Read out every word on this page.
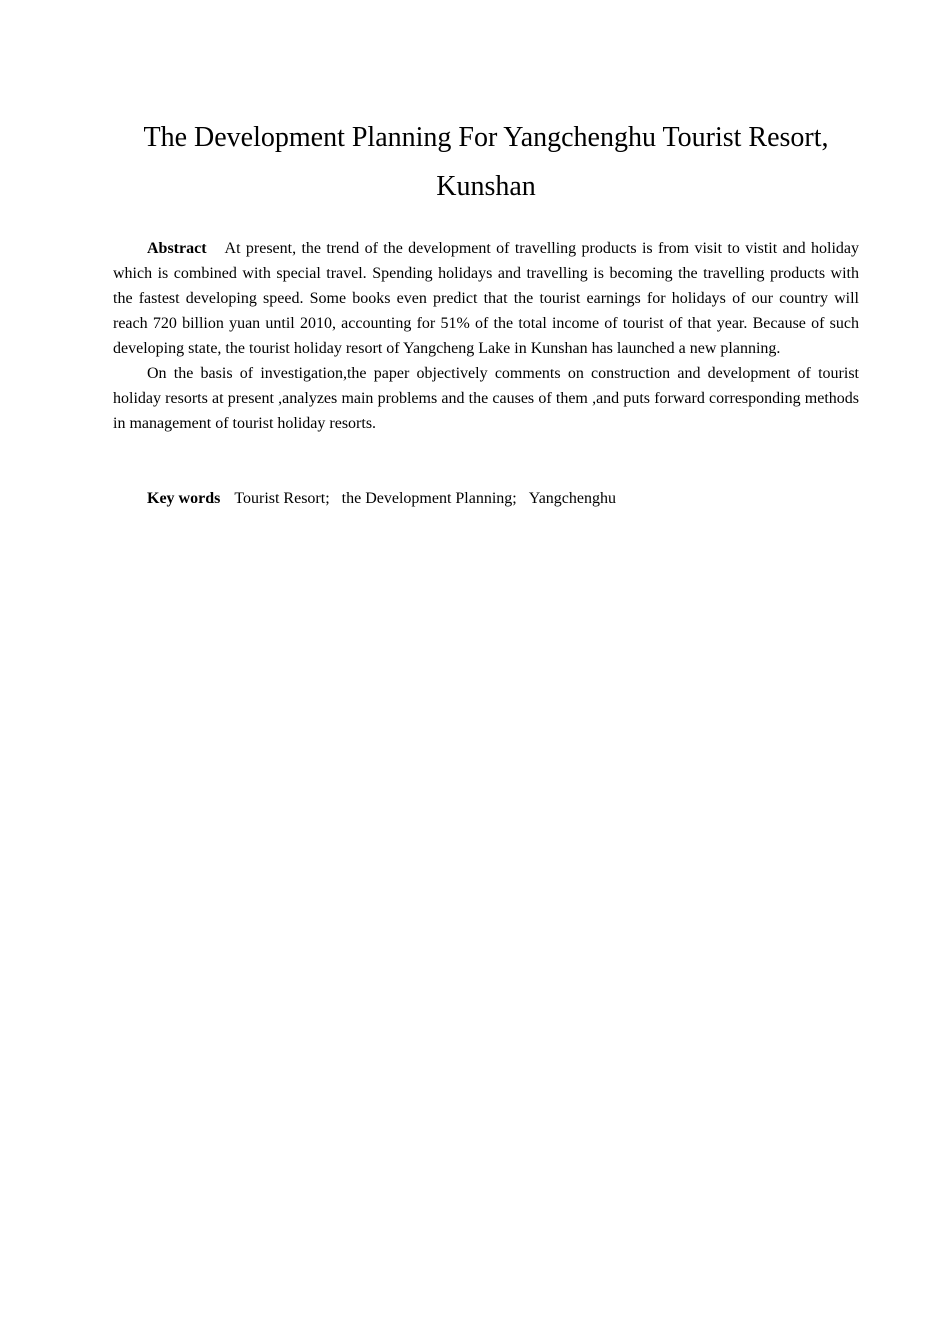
The Development Planning For Yangchenghu Tourist Resort, Kunshan

Abstract At present, the trend of the development of travelling products is from visit to vistit and holiday which is combined with special travel. Spending holidays and travelling is becoming the travelling products with the fastest developing speed. Some books even predict that the tourist earnings for holidays of our country will reach 720 billion yuan until 2010, accounting for 51% of the total income of tourist of that year. Because of such developing state, the tourist holiday resort of Yangcheng Lake in Kunshan has launched a new planning.

On the basis of investigation,the paper objectively comments on construction and development of tourist holiday resorts at present ,analyzes main problems and the causes of them ,and puts forward corresponding methods in management of tourist holiday resorts.

Key words Tourist Resort; the Development Planning; Yangchenghu
